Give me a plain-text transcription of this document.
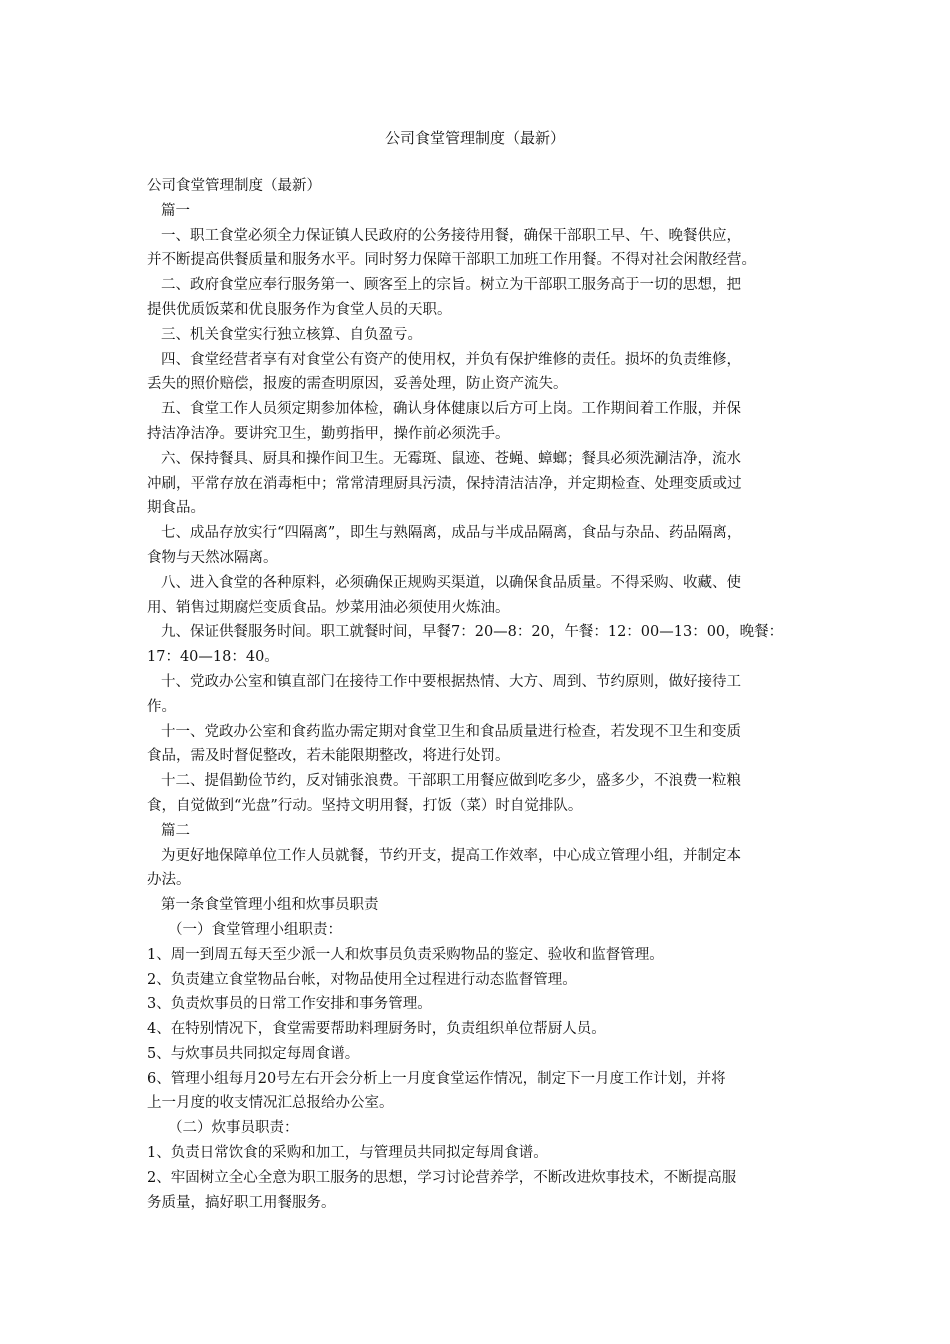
公司食堂管理制度（最新）

公司食堂管理制度（最新）

篇一

一、职工食堂必须全力保证镇人民政府的公务接待用餐，确保干部职工早、午、晚餐供应，

并不断提高供餐质量和服务水平。同时努力保障干部职工加班工作用餐。不得对社会闲散经营。

二、政府食堂应奉行服务第一、顾客至上的宗旨。树立为干部职工服务高于一切的思想，把

提供优质饭菜和优良服务作为食堂人员的天职。

三、机关食堂实行独立核算、自负盈亏。

四、食堂经营者享有对食堂公有资产的使用权，并负有保护维修的责任。损坏的负责维修，

丢失的照价赔偿，报废的需查明原因，妥善处理，防止资产流失。

五、食堂工作人员须定期参加体检，确认身体健康以后方可上岗。工作期间着工作服，并保

持洁净洁净。要讲究卫生，勤剪指甲，操作前必须洗手。

六、保持餐具、厨具和操作间卫生。无霉斑、鼠迹、苍蝇、蟑螂；餐具必须洗涮洁净，流水

冲刷，平常存放在消毒柜中；常常清理厨具污渍，保持清洁洁净，并定期检查、处理变质或过

期食品。

七、成品存放实行“四隔离”，即生与熟隔离，成品与半成品隔离，食品与杂品、药品隔离，

食物与天然冰隔离。

八、进入食堂的各种原料，必须确保正规购买渠道，以确保食品质量。不得采购、收藏、使

用、销售过期腐烂变质食品。炒菜用油必须使用火炼油。

九、保证供餐服务时间。职工就餐时间，早餐7：20—8：20，午餐：12：00—13：00，晚餐：

17：40—18：40。

十、党政办公室和镇直部门在接待工作中要根据热情、大方、周到、节约原则，做好接待工

作。

十一、党政办公室和食药监办需定期对食堂卫生和食品质量进行检查，若发现不卫生和变质

食品，需及时督促整改，若未能限期整改，将进行处罚。

十二、提倡勤俭节约，反对铺张浪费。干部职工用餐应做到吃多少，盛多少，不浪费一粒粮

食，自觉做到“光盘”行动。坚持文明用餐，打饭（菜）时自觉排队。

篇二

为更好地保障单位工作人员就餐，节约开支，提高工作效率，中心成立管理小组，并制定本

办法。

第一条食堂管理小组和炊事员职责

（一）食堂管理小组职责：

1、周一到周五每天至少派一人和炊事员负责采购物品的鉴定、验收和监督管理。

2、负责建立食堂物品台帐，对物品使用全过程进行动态监督管理。

3、负责炊事员的日常工作安排和事务管理。

4、在特别情况下，食堂需要帮助料理厨务时，负责组织单位帮厨人员。

5、与炊事员共同拟定每周食谱。

6、管理小组每月20号左右开会分析上一月度食堂运作情况，制定下一月度工作计划，并将

上一月度的收支情况汇总报给办公室。

（二）炊事员职责：

1、负责日常饮食的采购和加工，与管理员共同拟定每周食谱。

2、牢固树立全心全意为职工服务的思想，学习讨论营养学，不断改进炊事技术，不断提高服

务质量，搞好职工用餐服务。
